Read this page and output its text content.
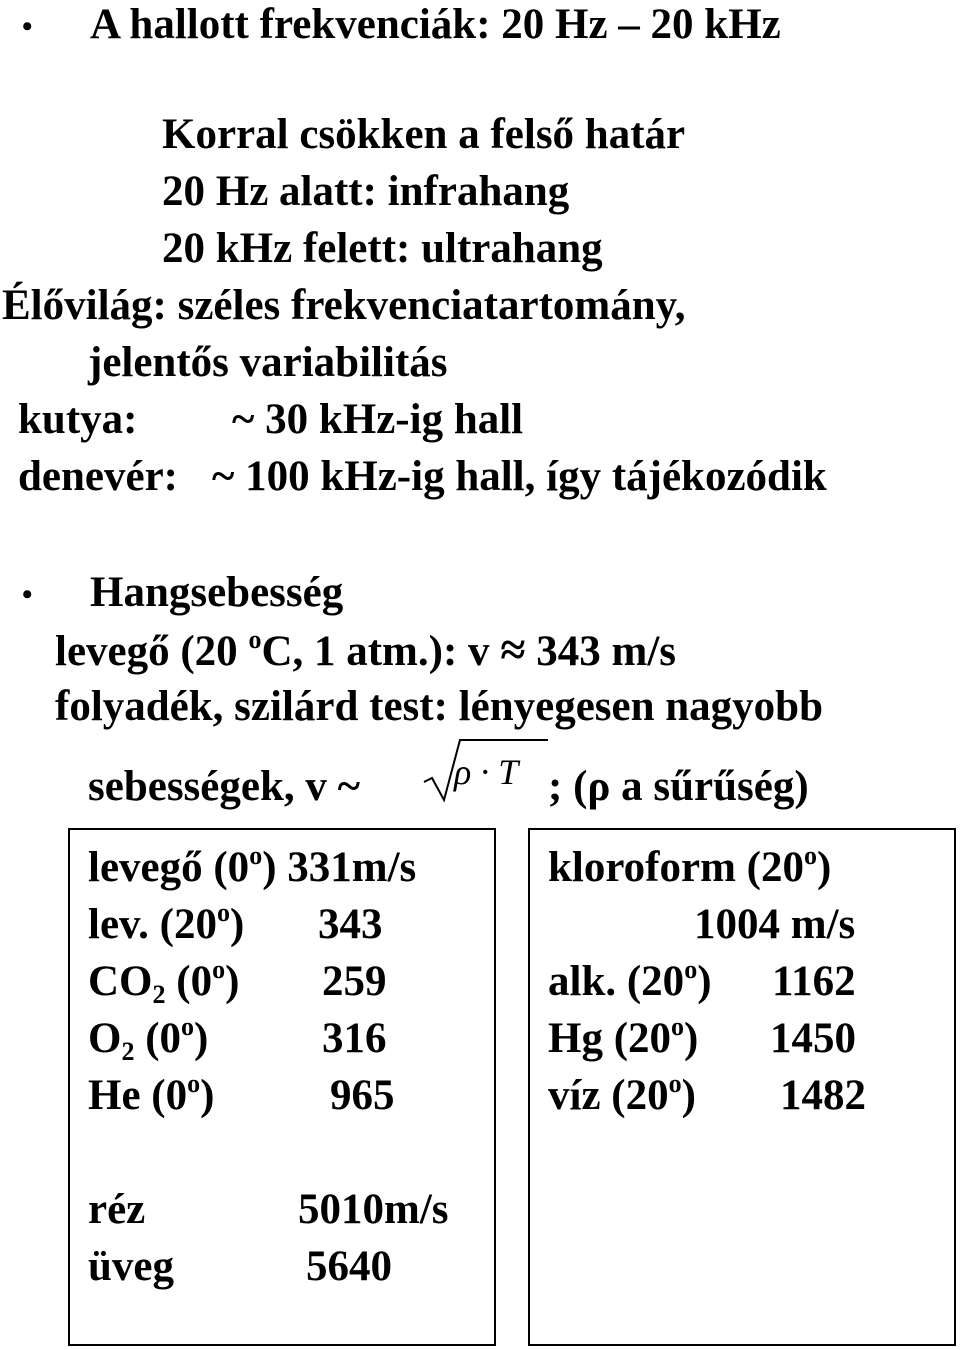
• A hallott frekvenciák: 20 Hz – 20 kHz
Korral csökken a felső határ
20 Hz alatt: infrahang
20 kHz felett: ultrahang
Élővilág: széles frekvenciatartomány,
jelentős variabilitás
kutya: ~ 30 kHz-ig hall
denevér: ~ 100 kHz-ig hall, így tájékozódik
• Hangsebesség
levegő (20 $^o$C, 1 atm.): v ≈ 343 m/s
folyadék, szilárd test: lényegesen nagyobb
sebességek, v ~	ρ · T ; (ρ a sűrűség)
levegő (0$^o$) 331m/s
lev. (20$^o$) 343
$CO_2$ (0$^o$) 259
$O_2$ (0$^o$)	316
He (0$^o$)	965
réz	5010m/s
üveg	5640
kloroform (20$^o$)
1004 m/s
alk. (20$^o$) 1162
Hg (20$^o$) 1450
víz (20$^o$) 1482
